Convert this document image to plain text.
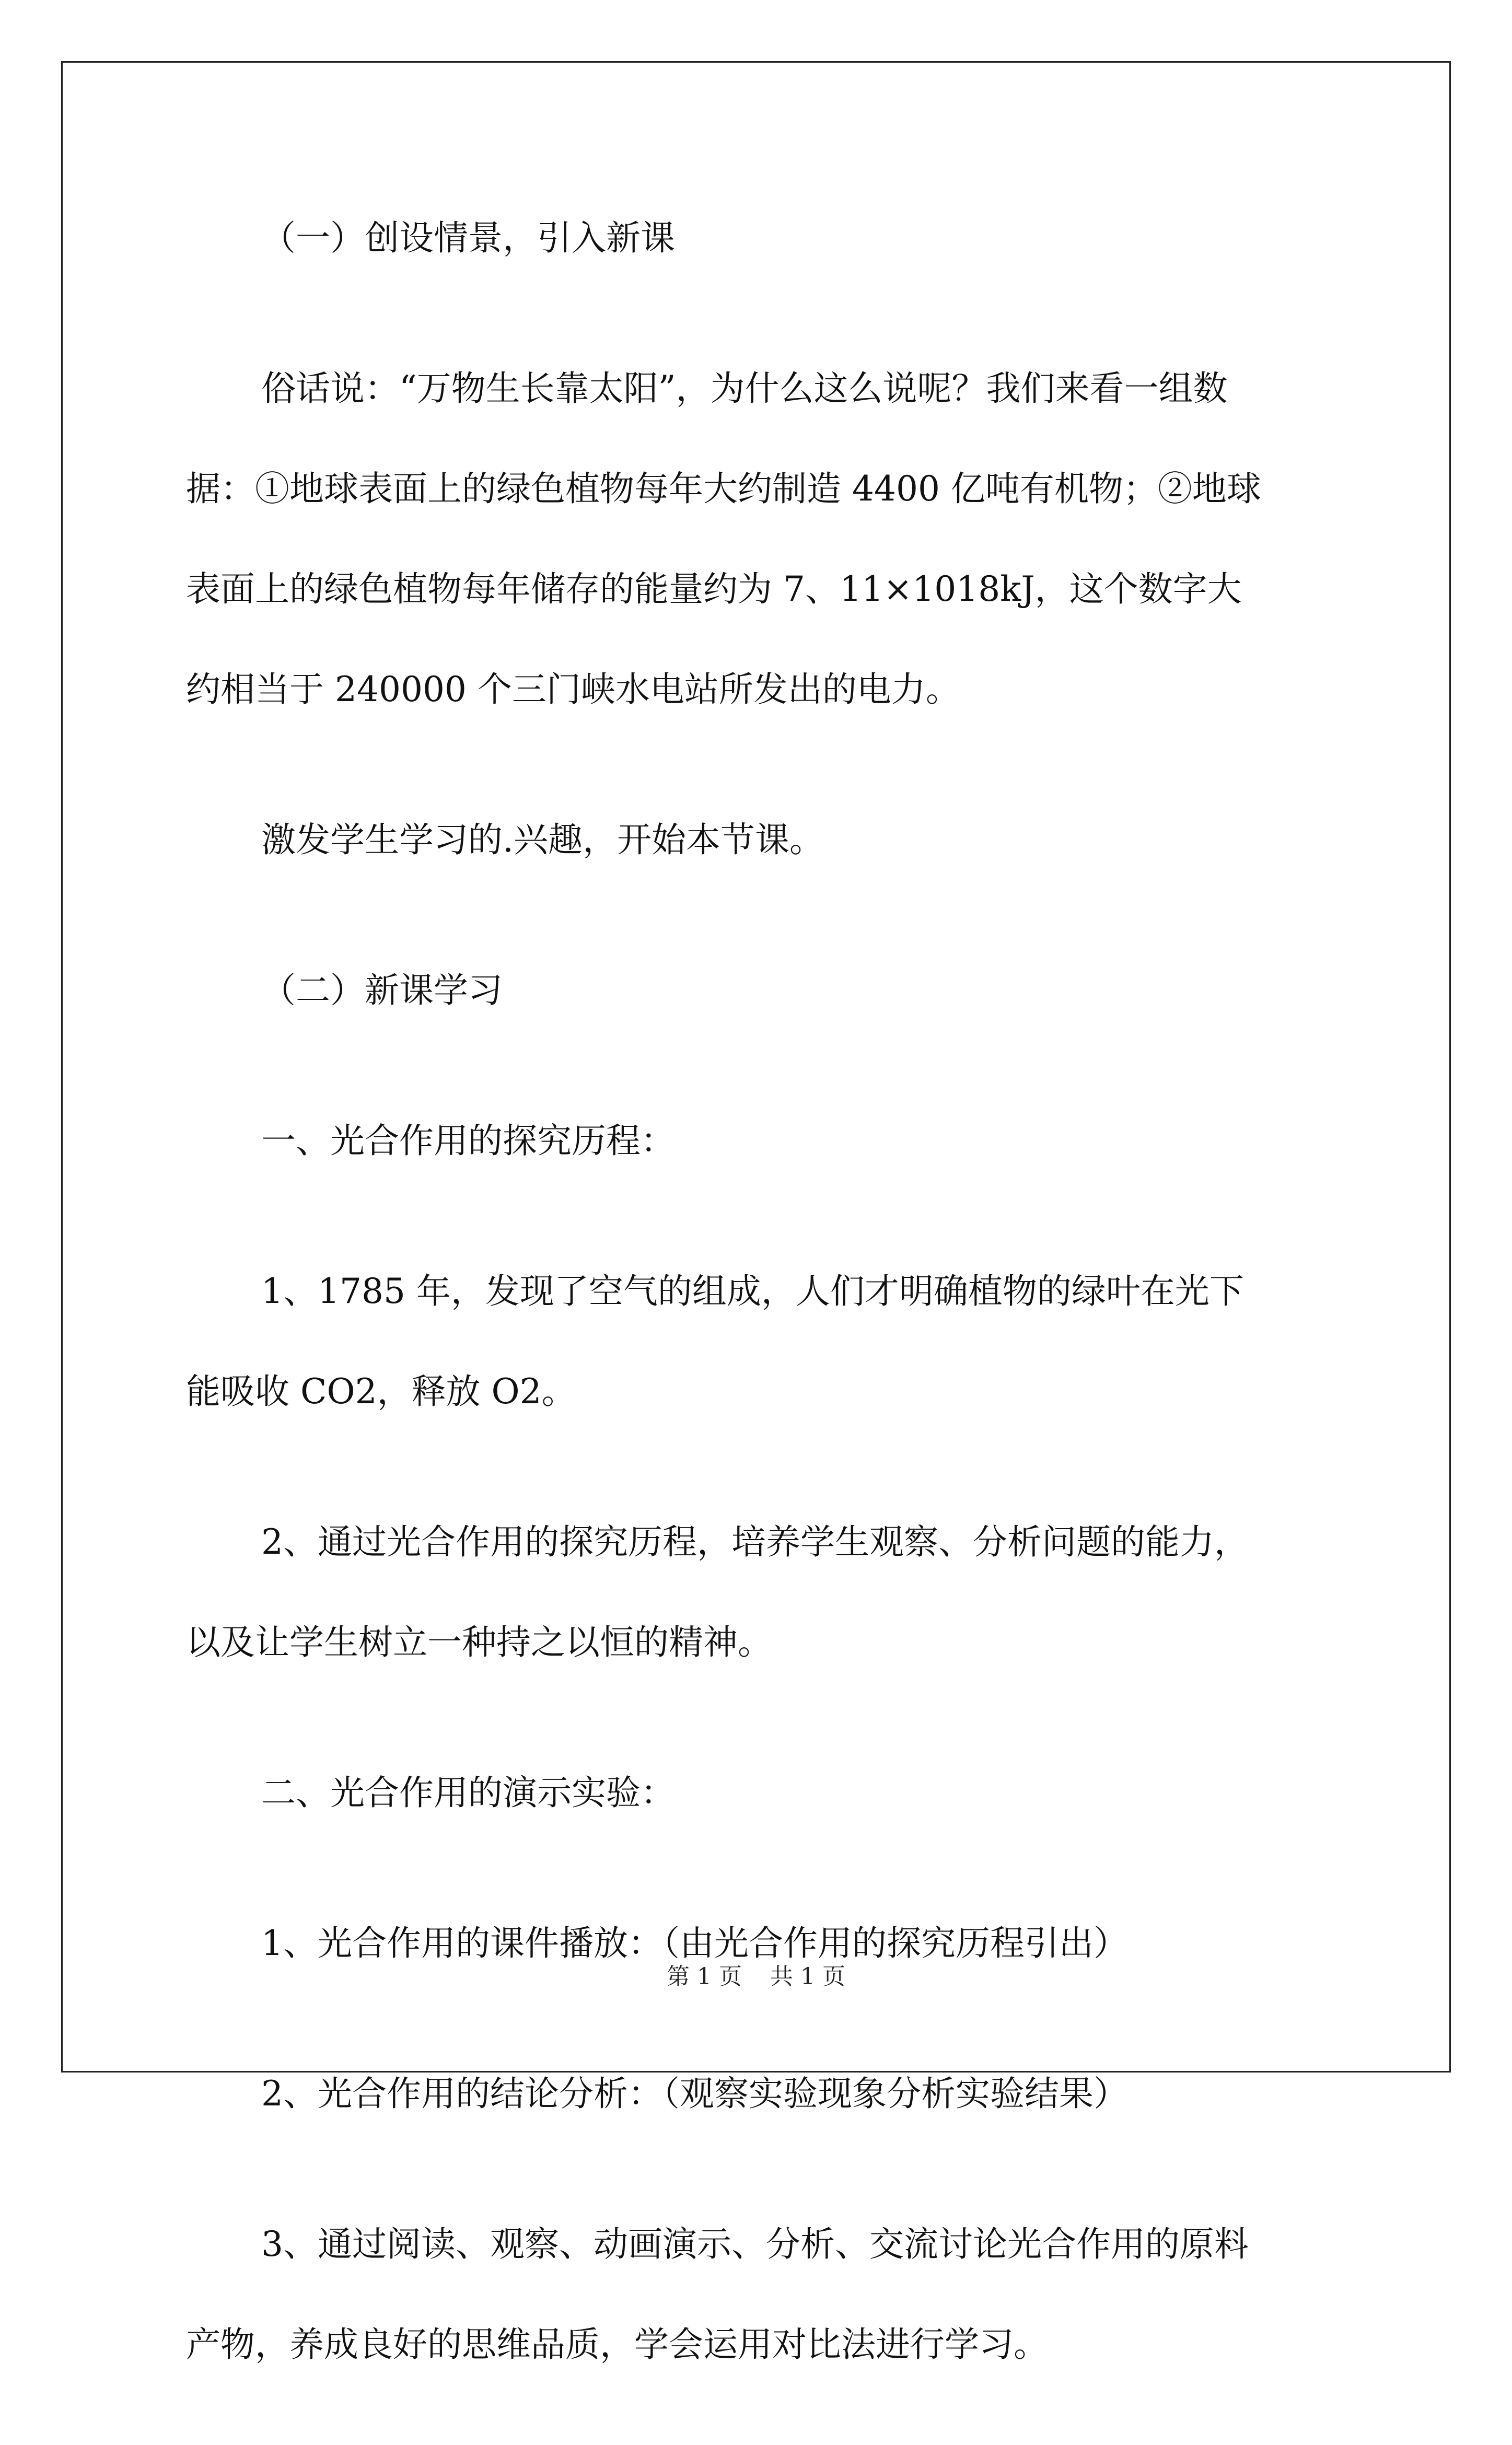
（一）创设情景，引入新课

俗话说：“万物生长靠太阳”，为什么这么说呢？我们来看一组数
据：①地球表面上的绿色植物每年大约制造 4400 亿吨有机物；②地球
表面上的绿色植物每年储存的能量约为 7、11×1018kJ，这个数字大
约相当于 240000 个三门峡水电站所发出的电力。

激发学生学习的.兴趣，开始本节课。

（二）新课学习

一、光合作用的探究历程：

1、1785 年，发现了空气的组成，人们才明确植物的绿叶在光下
能吸收 CO2，释放 O2。

2、通过光合作用的探究历程，培养学生观察、分析问题的能力，
以及让学生树立一种持之以恒的精神。

二、光合作用的演示实验：

1、光合作用的课件播放：（由光合作用的探究历程引出）

2、光合作用的结论分析：（观察实验现象分析实验结果）

3、通过阅读、观察、动画演示、分析、交流讨论光合作用的原料
产物，养成良好的思维品质，学会运用对比法进行学习。

第 1 页 共 1 页
